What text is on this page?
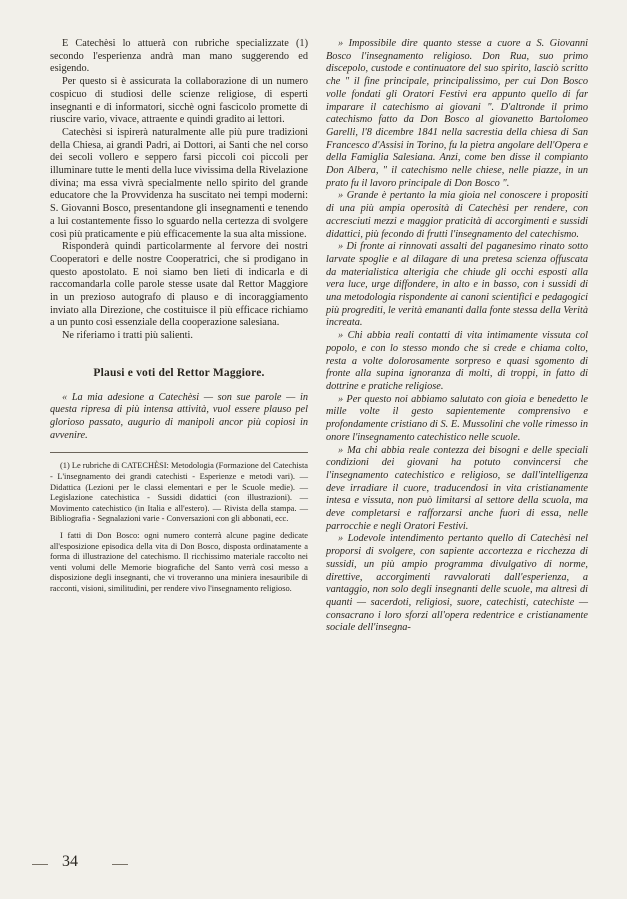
E Catechèsi lo attuerà con rubriche specializzate (1) secondo l'esperienza andrà man mano suggerendo ed esigendo.

Per questo si è assicurata la collaborazione di un numero cospicuo di studiosi delle scienze religiose, di esperti insegnanti e di informatori, sicchè ogni fascicolo promette di riuscire vario, vivace, attraente e quindi gradito ai lettori.

Catechèsi si ispirerà naturalmente alle più pure tradizioni della Chiesa, ai grandi Padri, ai Dottori, ai Santi che nel corso dei secoli vollero e seppero farsi piccoli coi piccoli per illuminare tutte le menti della luce vivissima della Rivelazione divina; ma essa vivrà specialmente nello spirito del grande educatore che la Provvidenza ha suscitato nei tempi moderni: S. Giovanni Bosco, presentandone gli insegnamenti e tenendo a lui costantemente fisso lo sguardo nella certezza di svolgere così più praticamente e più efficacemente la sua alta missione.

Risponderà quindi particolarmente al fervore dei nostri Cooperatori e delle nostre Cooperatrici, che si prodigano in questo apostolato. E noi siamo ben lieti di indicarla e di raccomandarla colle parole stesse usate dal Rettor Maggiore in un prezioso autografo di plauso e di incoraggiamento inviato alla Direzione, che costituisce il più efficace richiamo a un punto così essenziale della cooperazione salesiana.

Ne riferiamo i tratti più salienti.

Plausi e voti del Rettor Maggiore.

« La mia adesione a Catechèsi — son sue parole — in questa ripresa di più intensa attività, vuol essere plauso pel glorioso passato, augurio di manipoli ancor più copiosi in avvenire.

(1) Le rubriche di CATECHÈSI: Metodologia (Formazione del Catechista - L'insegnamento dei grandi catechisti - Esperienze e metodi vari). — Didattica (Lezioni per le classi elementari e per le Scuole medie). — Legislazione catechistica - Sussidi didattici (con illustrazioni). — Movimento catechistico (in Italia e all'estero). — Rivista della stampa. — Bibliografia - Segnalazioni varie - Conversazioni con gli abbonati, ecc.

I fatti di Don Bosco: ogni numero conterrà alcune pagine dedicate all'esposizione episodica della vita di Don Bosco, disposta ordinatamente a forma di illustrazione del catechismo. Il ricchissimo materiale raccolto nei venti volumi delle Memorie biografiche del Santo verrà così messo a disposizione degli insegnanti, che vi troveranno una miniera inesauribile di racconti, visioni, similitudini, per rendere vivo l'insegnamento religioso.

» Impossibile dire quanto stesse a cuore a S. Giovanni Bosco l'insegnamento religioso. Don Rua, suo primo discepolo, custode e continuatore del suo spirito, lasciò scritto che " il fine principale, principalissimo, per cui Don Bosco volle fondati gli Oratori Festivi era appunto quello di far imparare il catechismo ai giovani ". D'altronde il primo catechismo fatto da Don Bosco al giovanetto Bartolomeo Garelli, l'8 dicembre 1841 nella sacrestia della chiesa di San Francesco d'Assisi in Torino, fu la pietra angolare dell'Opera e della Famiglia Salesiana. Anzi, come ben disse il compianto Don Albera, " il catechismo nelle chiese, nelle piazze, in un prato fu il lavoro principale di Don Bosco ".

» Grande è pertanto la mia gioia nel conoscere i propositi di una più ampia operosità di Catechèsi per rendere, con accresciuti mezzi e maggior praticità di accorgimenti e sussidi didattici, più fecondo di frutti l'insegnamento del catechismo.

» Di fronte ai rinnovati assalti del paganesimo rinato sotto larvate spoglie e al dilagare di una pretesa scienza offuscata da materialistica alterigia che chiude gli occhi esposti alla vera luce, urge diffondere, in alto e in basso, con i sussidi di una metodologia rispondente ai canoni scientifici e pedagogici più progrediti, le verità emananti dalla fonte stessa della Verità increata.

» Chi abbia reali contatti di vita intimamente vissuta col popolo, e con lo stesso mondo che si crede e chiama colto, resta a volte dolorosamente sorpreso e quasi sgomento di fronte alla supina ignoranza di molti, di troppi, in fatto di dottrine e pratiche religiose.

» Per questo noi abbiamo salutato con gioia e benedetto le mille volte il gesto sapientemente comprensivo e profondamente cristiano di S. E. Mussolini che volle rimesso in onore l'insegnamento catechistico nelle scuole.

» Ma chi abbia reale contezza dei bisogni e delle speciali condizioni dei giovani ha potuto convincersi che l'insegnamento catechistico e religioso, se dall'intelligenza deve irradiare il cuore, traducendosi in vita cristianamente intesa e vissuta, non può limitarsi al settore della scuola, ma deve completarsi e rafforzarsi anche fuori di essa, nelle parrocchie e negli Oratori Festivi.

» Lodevole intendimento pertanto quello di Catechèsi nel proporsi di svolgere, con sapiente accortezza e ricchezza di sussidi, un più ampio programma divulgativo di norme, direttive, accorgimenti ravvalorati dall'esperienza, a vantaggio, non solo degli insegnanti delle scuole, ma altresì di quanti — sacerdoti, religiosi, suore, catechisti, catechiste — consacrano i loro sforzi all'opera redentrice e cristianamente sociale dell'insegna-

34
